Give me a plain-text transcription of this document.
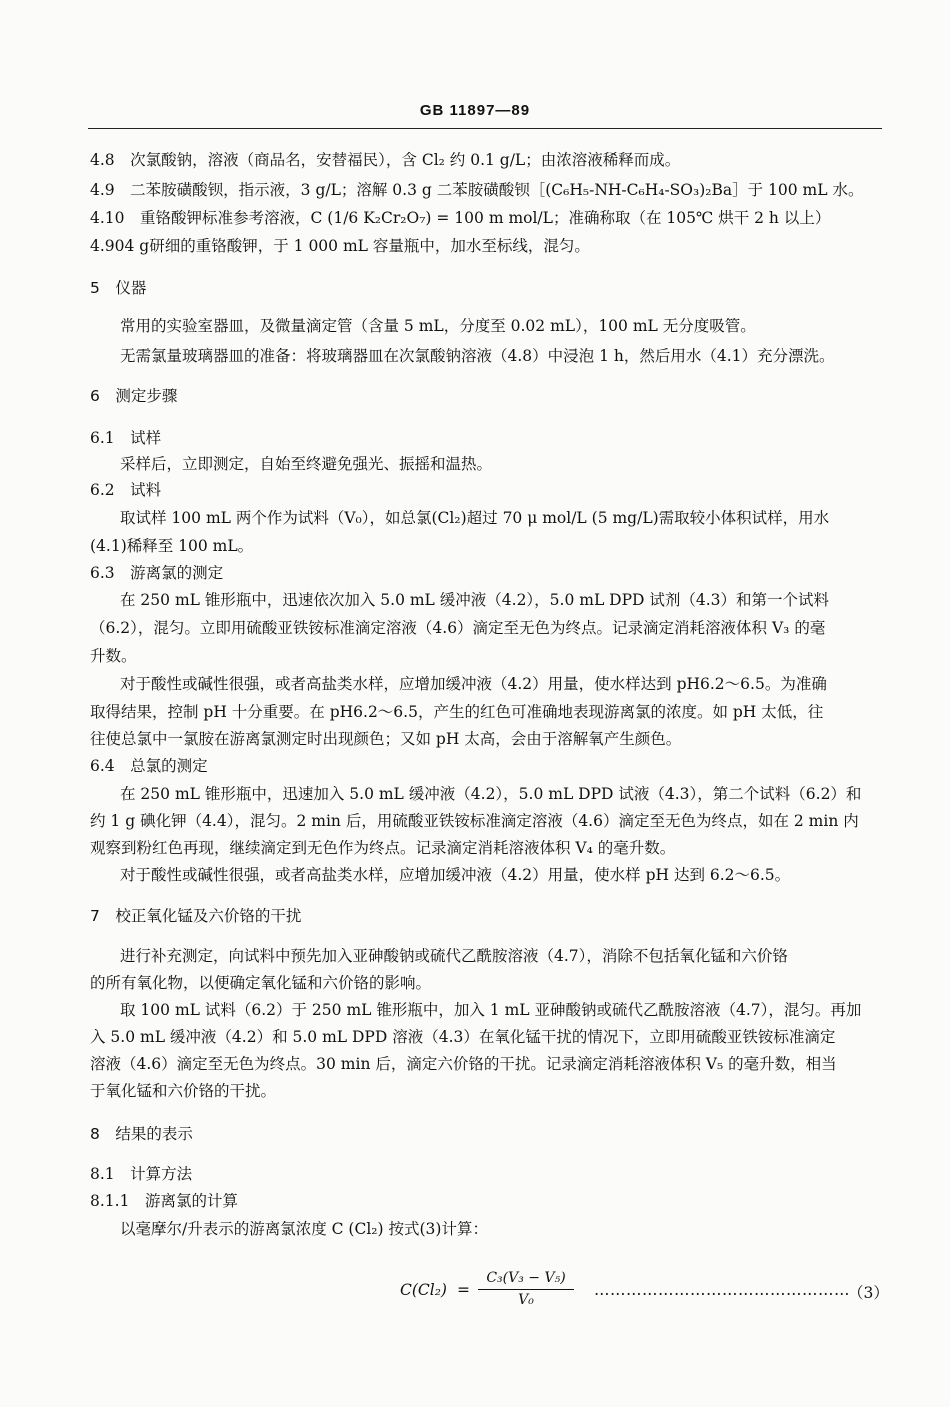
GB 11897—89
4.8　次氯酸钠，溶液（商品名，安替福民），含 Cl₂ 约 0.1 g/L；由浓溶液稀释而成。
4.9　二苯胺磺酸钡，指示液，3 g/L；溶解 0.3 g 二苯胺磺酸钡［(C₆H₅-NH-C₆H₄-SO₃)₂Ba］于 100 mL 水。
4.10　重铬酸钾标准参考溶液，C (1/6 K₂Cr₂O₇) = 100 m mol/L；准确称取（在 105℃ 烘干 2 h 以上）
4.904 g研细的重铬酸钾，于 1 000 mL 容量瓶中，加水至标线，混匀。
5　仪器
常用的实验室器皿，及微量滴定管（含量 5 mL，分度至 0.02 mL），100 mL 无分度吸管。
无需氯量玻璃器皿的准备：将玻璃器皿在次氯酸钠溶液（4.8）中浸泡 1 h，然后用水（4.1）充分漂洗。
6　测定步骤
6.1　试样
采样后，立即测定，自始至终避免强光、振摇和温热。
6.2　试料
取试样 100 mL 两个作为试料（V₀），如总氯(Cl₂)超过 70 μ mol/L (5 mg/L)需取较小体积试样，用水
(4.1)稀释至 100 mL。
6.3　游离氯的测定
在 250 mL 锥形瓶中，迅速依次加入 5.0 mL 缓冲液（4.2），5.0 mL DPD 试剂（4.3）和第一个试料
（6.2），混匀。立即用硫酸亚铁铵标准滴定溶液（4.6）滴定至无色为终点。记录滴定消耗溶液体积 V₃ 的毫
升数。
对于酸性或碱性很强，或者高盐类水样，应增加缓冲液（4.2）用量，使水样达到 pH6.2～6.5。为准确
取得结果，控制 pH 十分重要。在 pH6.2～6.5，产生的红色可准确地表现游离氯的浓度。如 pH 太低，往
往使总氯中一氯胺在游离氯测定时出现颜色；又如 pH 太高，会由于溶解氧产生颜色。
6.4　总氯的测定
在 250 mL 锥形瓶中，迅速加入 5.0 mL 缓冲液（4.2），5.0 mL DPD 试液（4.3），第二个试料（6.2）和
约 1 g 碘化钾（4.4），混匀。2 min 后，用硫酸亚铁铵标准滴定溶液（4.6）滴定至无色为终点，如在 2 min 内
观察到粉红色再现，继续滴定到无色作为终点。记录滴定消耗溶液体积 V₄ 的毫升数。
对于酸性或碱性很强，或者高盐类水样，应增加缓冲液（4.2）用量，使水样 pH 达到 6.2～6.5。
7　校正氧化锰及六价铬的干扰
进行补充测定，向试料中预先加入亚砷酸钠或硫代乙酰胺溶液（4.7），消除不包括氧化锰和六价铬
的所有氧化物，以便确定氧化锰和六价铬的影响。
取 100 mL 试料（6.2）于 250 mL 锥形瓶中，加入 1 mL 亚砷酸钠或硫代乙酰胺溶液（4.7），混匀。再加
入 5.0 mL 缓冲液（4.2）和 5.0 mL DPD 溶液（4.3）在氧化锰干扰的情况下，立即用硫酸亚铁铵标准滴定
溶液（4.6）滴定至无色为终点。30 min 后，滴定六价铬的干扰。记录滴定消耗溶液体积 V₅ 的毫升数，相当
于氧化锰和六价铬的干扰。
8　结果的表示
8.1　计算方法
8.1.1　游离氯的计算
以毫摩尔/升表示的游离氯浓度 C (Cl₂) 按式(3)计算：
$C(Cl_2) = \frac{\text{C₃(V₃ − V₅)}}{\text{V₀}}$ …………………………………………
（3）
